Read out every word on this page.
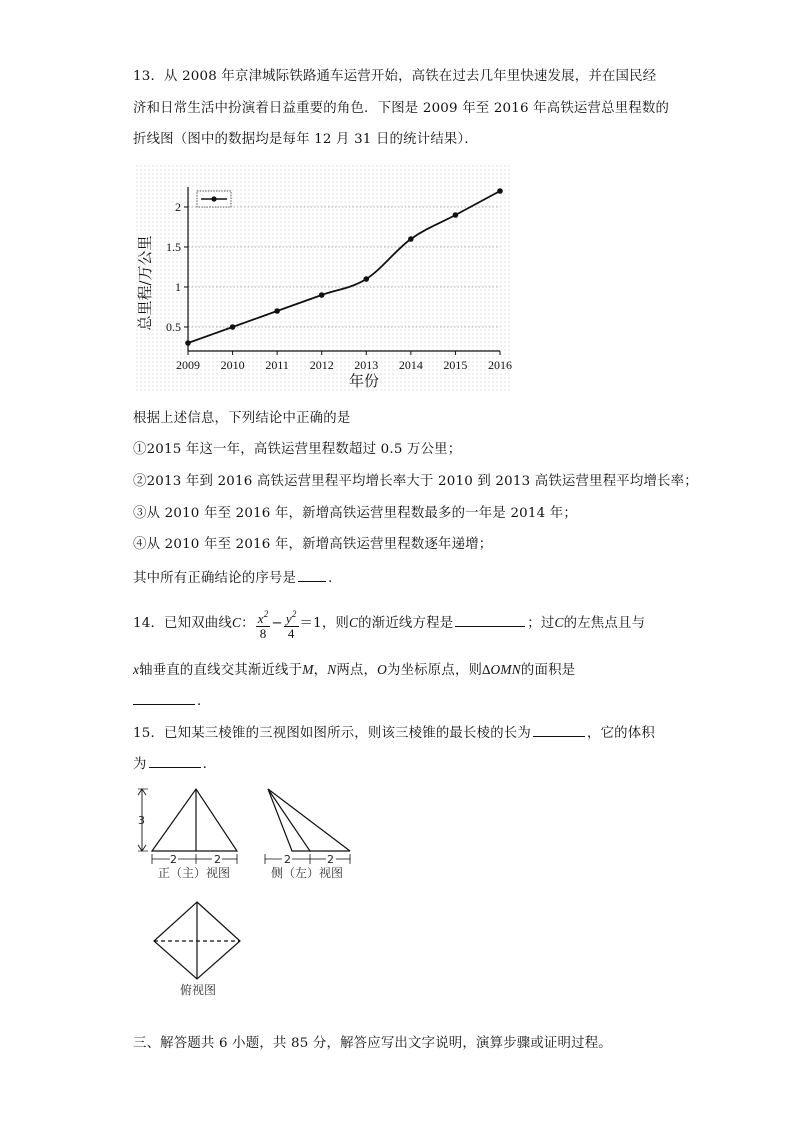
13．从 2008 年京津城际铁路通车运营开始，高铁在过去几年里快速发展，并在国民经
济和日常生活中扮演着日益重要的角色．下图是 2009 年至 2016 年高铁运营总里程数的
折线图（图中的数据均是每年 12 月 31 日的统计结果）．
0.5
1
1.5
2
2009 2010 2011 2012 2013 2014 2015 2016
年份
总里程/万公里
根据上述信息，下列结论中正确的是
①2015 年这一年，高铁运营里程数超过 0.5 万公里；
②2013 年到 2016 高铁运营里程平均增长率大于 2010 到 2013 高铁运营里程平均增长率；
③从 2010 年至 2016 年，新增高铁运营里程数最多的一年是 2014 年；
④从 2010 年至 2016 年，新增高铁运营里程数逐年递增；
其中所有正确结论的序号是 ．
14．已知双曲线C： $\frac{x^2}{8} - \frac{y^2}{4} =1$，则C的渐近线方程是	；过C的左焦点且与
x轴垂直的直线交其渐近线于M，N两点，O为坐标原点，则∆OMN的面积是
．
15．已知某三棱锥的三视图如图所示，则该三棱锥的最长棱的长为	，它的体积
为	．
3
2	2	2	2
正（主）视图	侧（左）视图
俯视图
三、解答题共 6 小题，共 85 分，解答应写出文字说明，演算步骤或证明过程。
